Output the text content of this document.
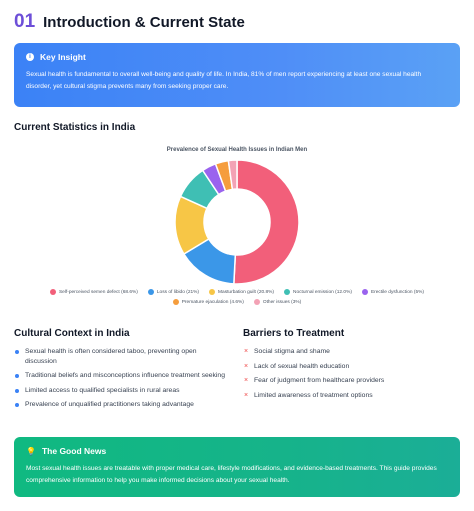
01 Introduction & Current State
i	Key Insight
Sexual health is fundamental to overall well-being and quality of life. In India, 81% of men report experiencing at least one sexual health disorder, yet cultural stigma prevents many from seeking proper care.
Current Statistics in India
Prevalence of Sexual Health Issues in Indian Men
Self-perceived semen defect (68.6%)	Loss of libido (21%)	Masturbation guilt (20.8%)	Nocturnal emission (12.0%)	Erectile dysfunction (5%)
Premature ejaculation (4.6%)	Other issues (3%)
Cultural Context in India
Sexual health is often considered taboo, preventing open discussion
Traditional beliefs and misconceptions influence treatment seeking
Limited access to qualified specialists in rural areas
Prevalence of unqualified practitioners taking advantage
Barriers to Treatment
× Social stigma and shame
× Lack of sexual health education
× Fear of judgment from healthcare providers
× Limited awareness of treatment options
💡 The Good News
Most sexual health issues are treatable with proper medical care, lifestyle modifications, and evidence-based treatments. This guide provides comprehensive information to help you make informed decisions about your sexual health.
